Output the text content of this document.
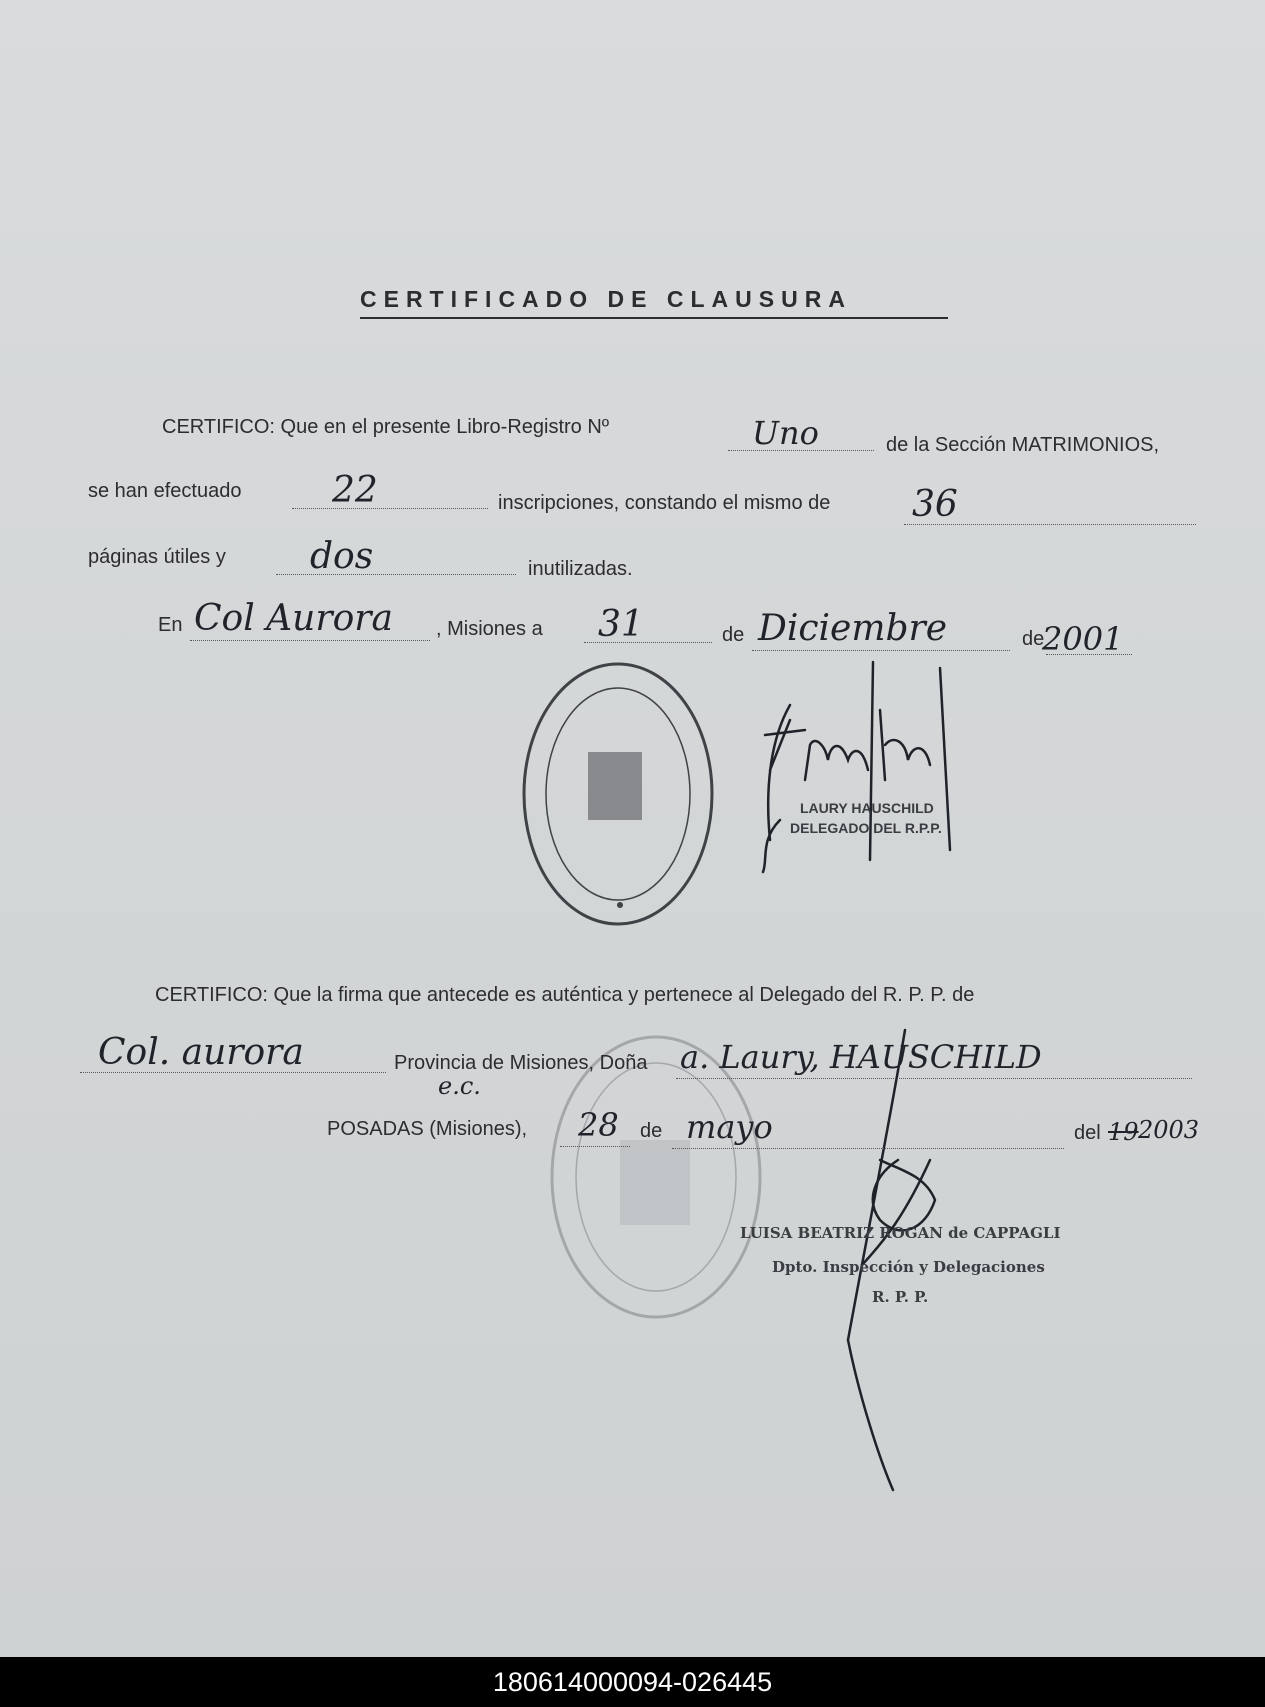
CERTIFICADO DE CLAUSURA
CERTIFICO: Que en el presente Libro-Registro Nº	Uno	de la Sección MATRIMONIOS,
se han efectuado	22	inscripciones, constando el mismo de 36
páginas útiles y dos	inutilizadas.
En Col Aurora , Misiones a 31	de Diciembre	de
2001
LAURY HAUSCHILD
DELEGADO DEL R.P.P.
CERTIFICO: Que la firma que antecede es auténtica y pertenece al Delegado del R. P. P. de
Col. aurora	Provincia de Misiones, Doña a. Laury, HAUSCHILD
e.c.
POSADAS (Misiones), 28 de mayo	del 19 2003
LUISA BEATRIZ ROGAN de CAPPAGLI
Dpto. Inspección y Delegaciones
R. P. P.
180614000094-026445
